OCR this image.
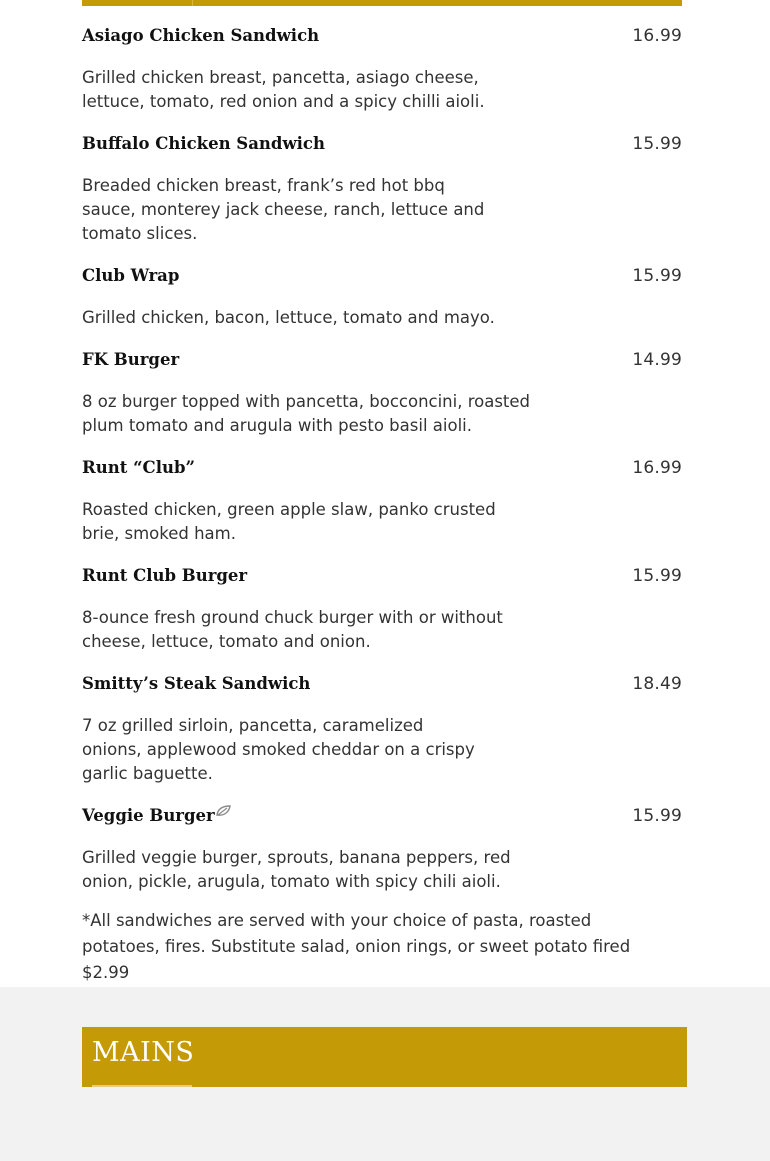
Asiago Chicken Sandwich	16.99
Grilled chicken breast, pancetta, asiago cheese,
lettuce, tomato, red onion and a spicy chilli aioli.
Buffalo Chicken Sandwich	15.99
Breaded chicken breast, frank’s red hot bbq
sauce, monterey jack cheese, ranch, lettuce and
tomato slices.
Club Wrap	15.99
Grilled chicken, bacon, lettuce, tomato and mayo.
FK Burger	14.99
8 oz burger topped with pancetta, bocconcini, roasted
plum tomato and arugula with pesto basil aioli.
Runt “Club”	16.99
Roasted chicken, green apple slaw, panko crusted
brie, smoked ham.
Runt Club Burger	15.99
8-ounce fresh ground chuck burger with or without
cheese, lettuce, tomato and onion.
Smitty’s Steak Sandwich	18.49
7 oz grilled sirloin, pancetta, caramelized
onions, applewood smoked cheddar on a crispy
garlic baguette.
Veggie Burger	15.99
Grilled veggie burger, sprouts, banana peppers, red
onion, pickle, arugula, tomato with spicy chili aioli.
*All sandwiches are served with your choice of pasta, roasted
potatoes, fires. Substitute salad, onion rings, or sweet potato fired
$2.99
MAINS
